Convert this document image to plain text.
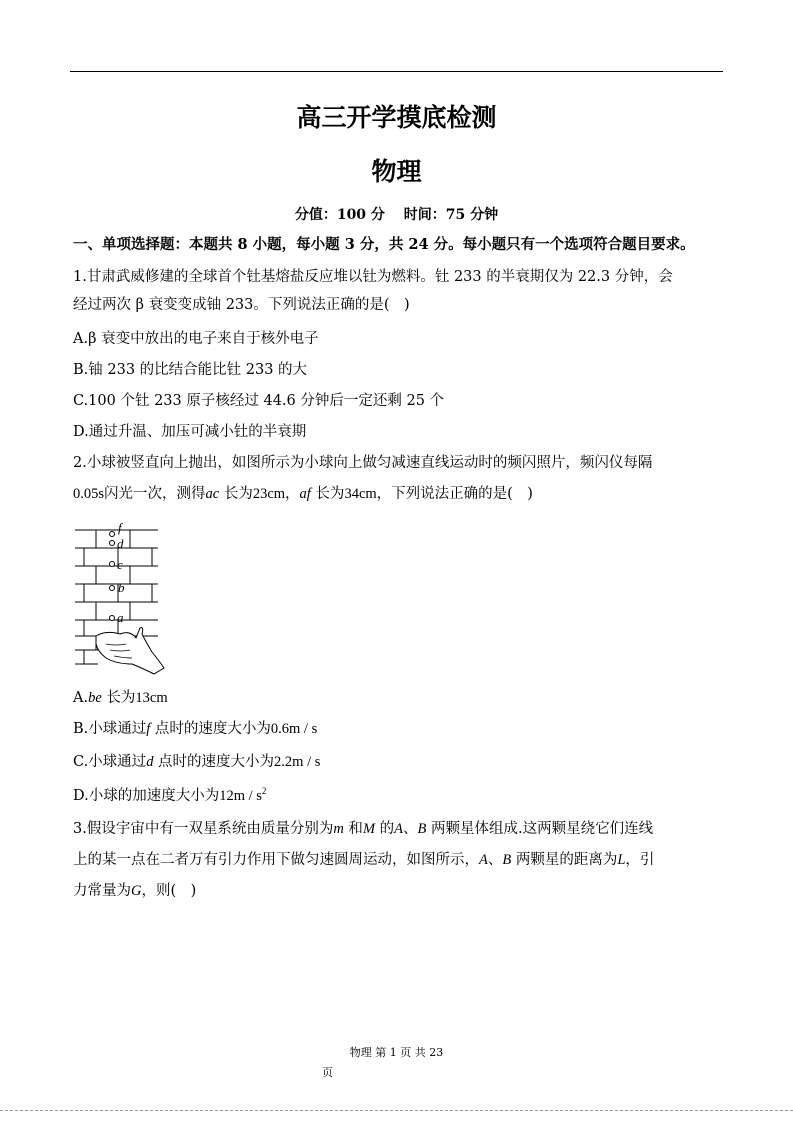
高三开学摸底检测
物理
分值：100 分　 时间：75 分钟
一、单项选择题：本题共 8 小题，每小题 3 分，共 24 分。每小题只有一个选项符合题目要求。
1.甘肃武威修建的全球首个钍基熔盐反应堆以钍为燃料。钍 233 的半衰期仅为 22.3 分钟，会
经过两次 β 衰变变成铀 233。下列说法正确的是(　)
A.β 衰变中放出的电子来自于核外电子
B.铀 233 的比结合能比钍 233 的大
C.100 个钍 233 原子核经过 44.6 分钟后一定还剩 25 个
D.通过升温、加压可减小钍的半衰期
2.小球被竖直向上抛出，如图所示为小球向上做匀减速直线运动时的频闪照片，频闪仪每隔
0.05s闪光一次，测得ac 长为23cm，af 长为34cm，下列说法正确的是(　)
f
d
c
b
a
A.be 长为13cm
B.小球通过f 点时的速度大小为0.6m / s
C.小球通过d 点时的速度大小为2.2m / s
D.小球的加速度大小为$12m / s^2$
3.假设宇宙中有一双星系统由质量分别为m 和M 的A、B 两颗星体组成.这两颗星绕它们连线
上的某一点在二者万有引力作用下做匀速圆周运动，如图所示，A、B 两颗星的距离为L，引
力常量为G，则(　)
物理 第 1 页 共 23
页
